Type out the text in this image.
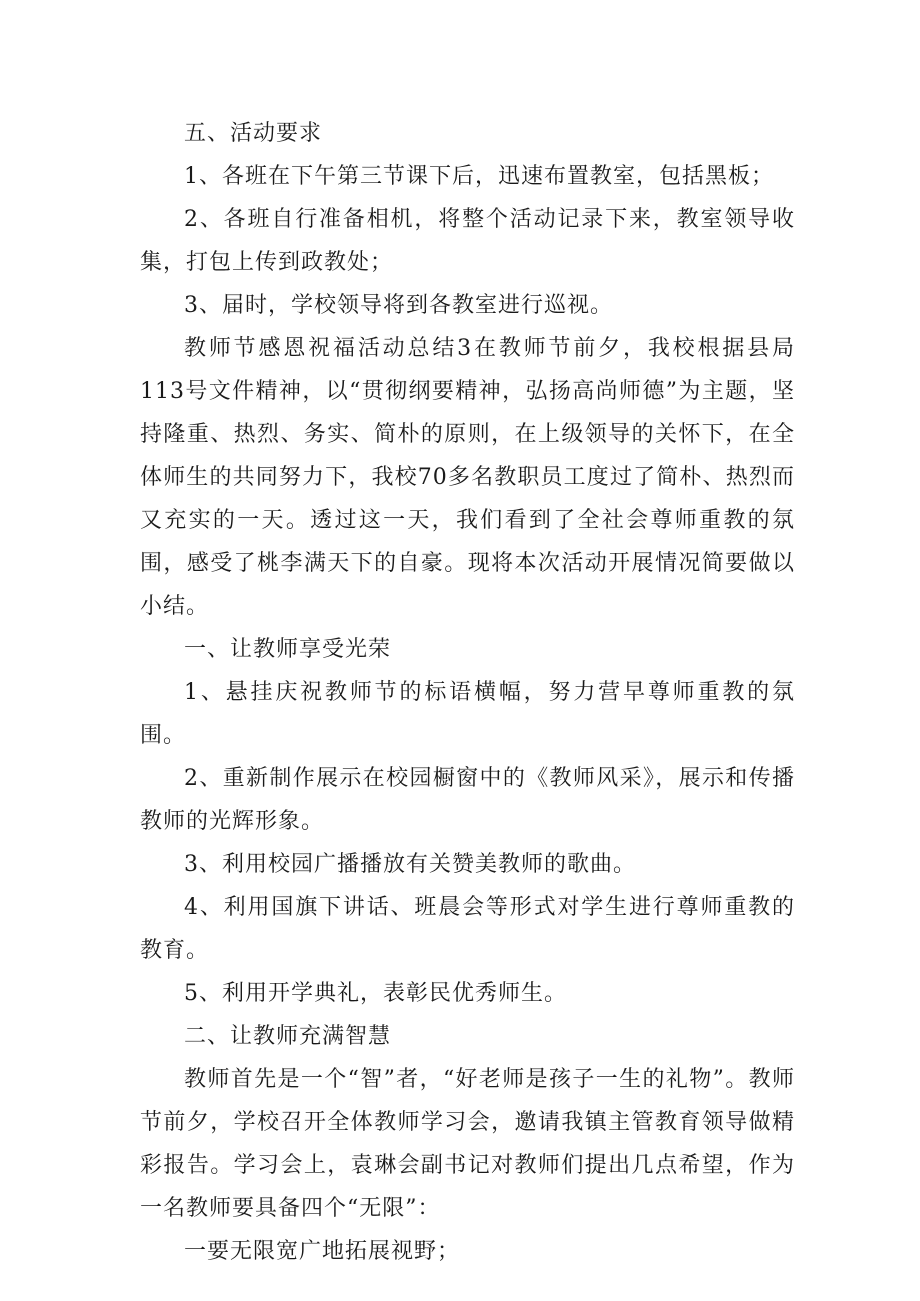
五、活动要求

1、各班在下午第三节课下后，迅速布置教室，包括黑板；

2、各班自行准备相机，将整个活动记录下来，教室领导收集，打包上传到政教处；

3、届时，学校领导将到各教室进行巡视。

教师节感恩祝福活动总结3在教师节前夕，我校根据县局113号文件精神，以“贯彻纲要精神，弘扬高尚师德”为主题，坚持隆重、热烈、务实、简朴的原则，在上级领导的关怀下，在全体师生的共同努力下，我校70多名教职员工度过了简朴、热烈而又充实的一天。透过这一天，我们看到了全社会尊师重教的氛围，感受了桃李满天下的自豪。现将本次活动开展情况简要做以小结。

一、让教师享受光荣

1、悬挂庆祝教师节的标语横幅，努力营早尊师重教的氛围。

2、重新制作展示在校园橱窗中的《教师风采》，展示和传播教师的光辉形象。

3、利用校园广播播放有关赞美教师的歌曲。

4、利用国旗下讲话、班晨会等形式对学生进行尊师重教的教育。

5、利用开学典礼，表彰民优秀师生。

二、让教师充满智慧

教师首先是一个“智”者，“好老师是孩子一生的礼物”。教师节前夕，学校召开全体教师学习会，邀请我镇主管教育领导做精彩报告。学习会上，袁琳会副书记对教师们提出几点希望，作为一名教师要具备四个“无限”：

一要无限宽广地拓展视野；
